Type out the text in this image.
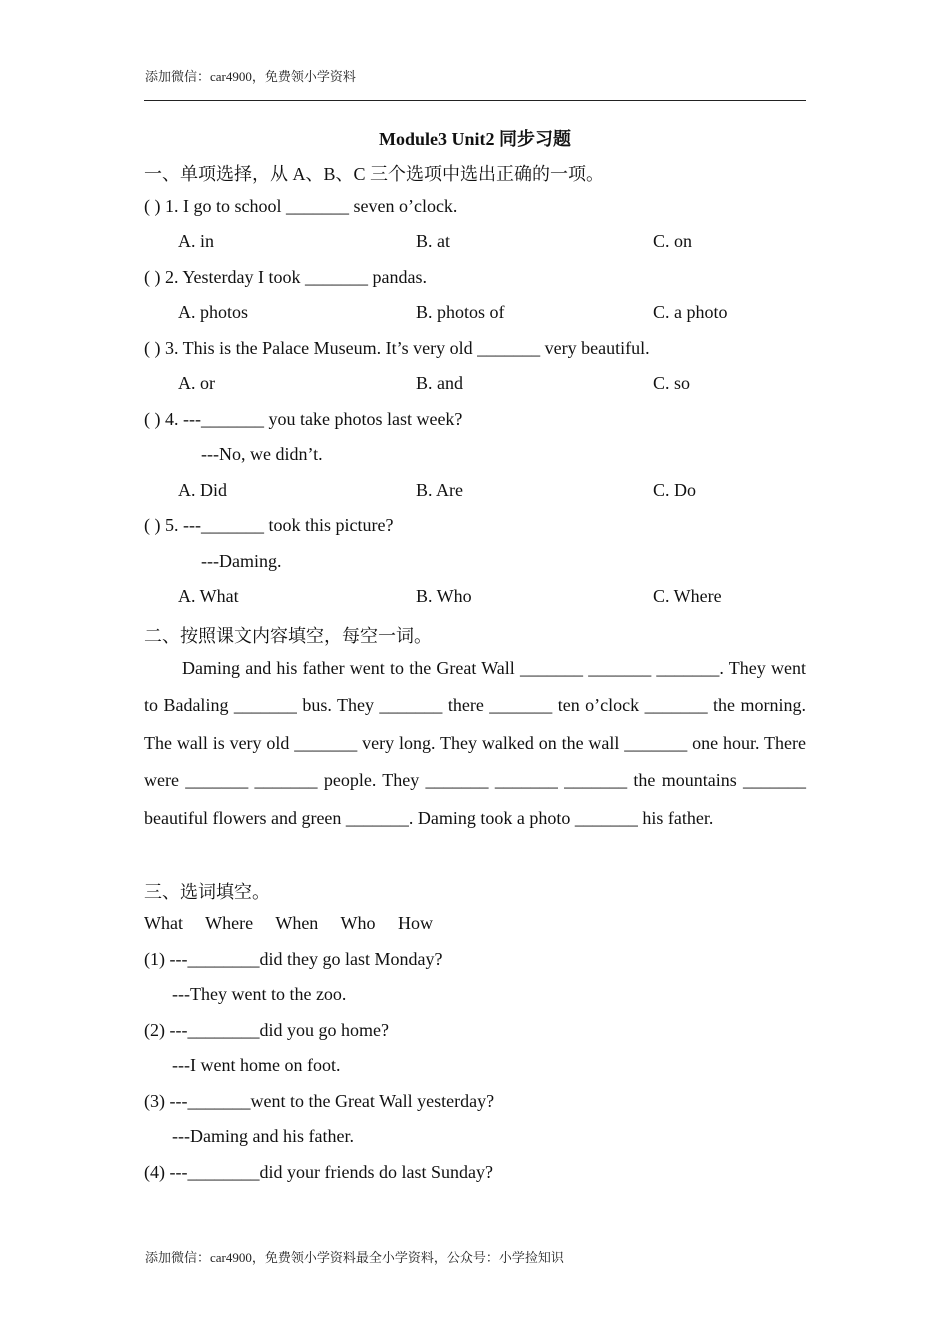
添加微信：car4900，免费领小学资料
Module3 Unit2 同步习题
一、单项选择，从 A、B、C 三个选项中选出正确的一项。
( ) 1. I go to school _______ seven o’clock.
A. in	B. at	C. on
( ) 2. Yesterday I took _______ pandas.
A. photos	B. photos of	C. a photo
( ) 3. This is the Palace Museum. It’s very old _______ very beautiful.
A. or	B. and	C. so
( ) 4. ---_______ you take photos last week?
---No, we didn’t.
A. Did	B. Are	C. Do
( ) 5. ---_______ took this picture?
---Daming.
A. What	B. Who	C. Where
二、按照课文内容填空，每空一词。

Daming and his father went to the Great Wall _______ _______ _______. They went to Badaling _______ bus. They _______ there _______ ten o’clock _______ the morning. The wall is very old _______ very long. They walked on the wall _______ one hour. There were _______ _______ people. They _______ _______ _______ the mountains _______ beautiful flowers and green _______. Daming took a photo _______ his father.

三、选词填空。
What Where When Who How
(1) ---________did they go last Monday?
---They went to the zoo.
(2) ---________did you go home?
---I went home on foot.
(3) ---_______went to the Great Wall yesterday?
---Daming and his father.
(4) ---________did your friends do last Sunday?
添加微信：car4900，免费领小学资料最全小学资料，公众号：小学捡知识
